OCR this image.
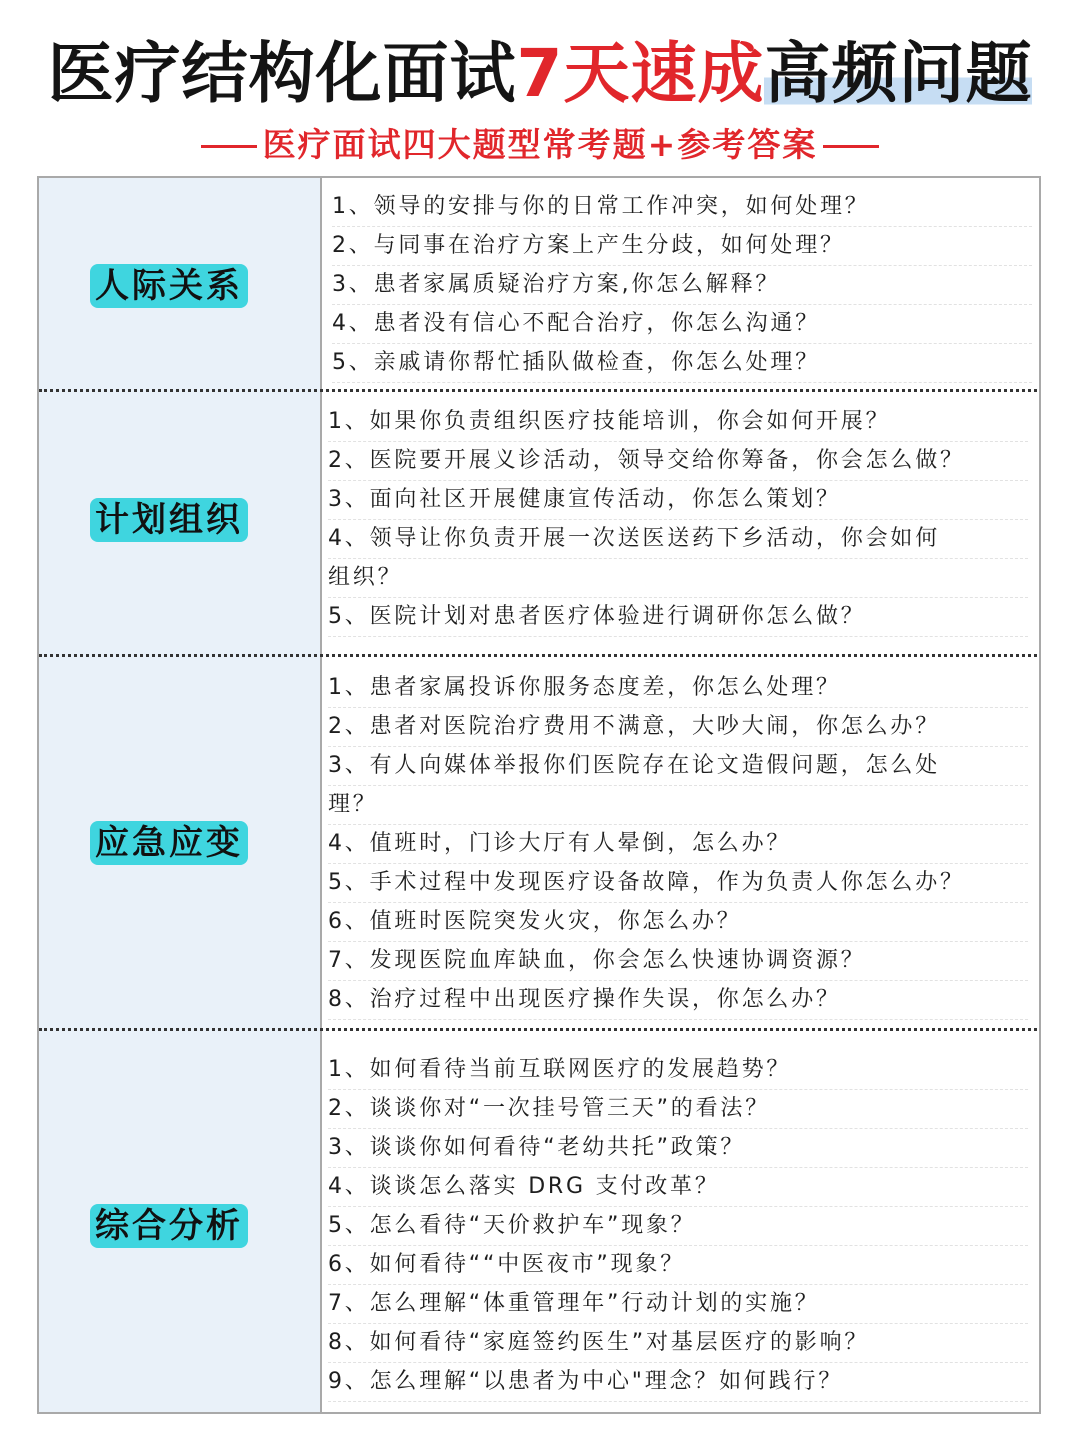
医疗结构化面试7天速成高频问题
医疗面试四大题型常考题+参考答案
人际关系
1、领导的安排与你的日常工作冲突，如何处理？
2、与同事在治疗方案上产生分歧，如何处理？
3、患者家属质疑治疗方案,你怎么解释？
4、患者没有信心不配合治疗，你怎么沟通？
5、亲戚请你帮忙插队做检查，你怎么处理？
计划组织
1、如果你负责组织医疗技能培训，你会如何开展？
2、医院要开展义诊活动，领导交给你筹备，你会怎么做？
3、面向社区开展健康宣传活动，你怎么策划？
4、领导让你负责开展一次送医送药下乡活动，你会如何
组织？
5、医院计划对患者医疗体验进行调研你怎么做？
应急应变
1、患者家属投诉你服务态度差，你怎么处理？
2、患者对医院治疗费用不满意，大吵大闹，你怎么办？
3、有人向媒体举报你们医院存在论文造假问题，怎么处
理？
4、值班时，门诊大厅有人晕倒，怎么办？
5、手术过程中发现医疗设备故障，作为负责人你怎么办？
6、值班时医院突发火灾，你怎么办？
7、发现医院血库缺血，你会怎么快速协调资源？
8、治疗过程中出现医疗操作失误，你怎么办？
综合分析
1、如何看待当前互联网医疗的发展趋势？
2、谈谈你对“一次挂号管三天”的看法？
3、谈谈你如何看待“老幼共托”政策？
4、谈谈怎么落实 DRG 支付改革？
5、怎么看待“天价救护车”现象？
6、如何看待““中医夜市”现象？
7、怎么理解“体重管理年”行动计划的实施？
8、如何看待“家庭签约医生”对基层医疗的影响？
9、怎么理解“以患者为中心"理念？如何践行？
